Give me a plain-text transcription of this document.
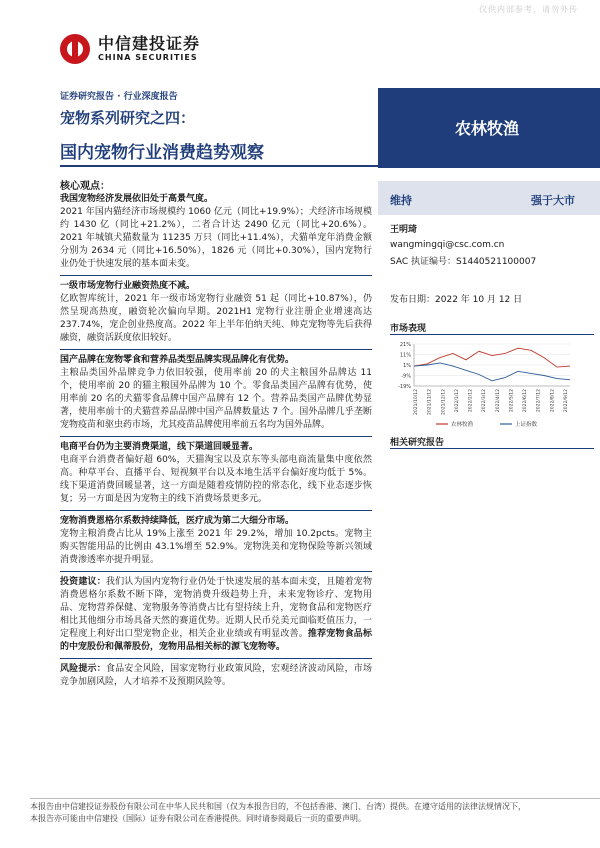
仅供内部参考，请勿外传
中信建投证券
CHINA SECURITIES
证券研究报告 · 行业深度报告
宠物系列研究之四：
国内宠物行业消费趋势观察
农林牧渔
维持	强于大市
王明琦
wangmingqi@csc.com.cn
SAC 执证编号：S1440521100007
发布日期：2022 年 10 月 12 日
市场表现
21%
11%
1%
-9%
-19%
2021/10/12 2021/11/12 2021/12/12 2022/1/12 2022/2/12 2022/3/12 2022/4/12 2022/5/12 2022/6/12 2022/7/12 2022/8/12 2022/9/12
农林牧渔	上证指数
相关研究报告

核心观点：

我国宠物经济发展依旧处于高景气度。

2021 年国内猫经济市场规模约 1060 亿元（同比+19.9%）；犬经济市场规模约 1430 亿（同比+21.2%），二者合计达 2490 亿元（同比+20.6%）。2021 年城镇犬猫数量为 11235 万只（同比+11.4%），犬猫单宠年消费金额分别为 2634 元（同比+16.50%），1826 元（同比+0.30%），国内宠物行业仍处于快速发展的基本面未变。

一级市场宠物行业融资热度不减。

亿欧智库统计，2021 年一级市场宠物行业融资 51 起（同比+10.87%），仍然呈现高热度，融资轮次偏向早期。2021H1 宠物行业注册企业增速高达 237.74%，宠企创业热度高。2022 年上半年伯纳天纯、帅克宠物等先后获得融资，融资活跃度依旧较好。

国产品牌在宠物零食和营养品类型品牌实现品牌化有优势。

主粮品类国外品牌竞争力依旧较强，使用率前 20 的犬主粮国外品牌达 11 个，使用率前 20 的猫主粮国外品牌为 10 个。零食品类国产品牌有优势，使用率前 20 名的犬猫零食品牌中国产品牌有 12 个。营养品类国产品牌优势显著，使用率前十的犬猫营养品品牌中国产品牌数量达 7 个。国外品牌几乎垄断宠物疫苗和驱虫药市场，尤其疫苗品牌使用率前五名均为国外品牌。

电商平台仍为主要消费渠道，线下渠道回暖显著。

电商平台消费者偏好超 60%，天猫淘宝以及京东等头部电商流量集中度依然高。种草平台、直播平台、短视频平台以及本地生活平台偏好度均低于 5%。线下渠道消费回暖显著，这一方面是随着疫情防控的常态化，线下业态逐步恢复；另一方面是因为宠物主的线下消费场景更多元。

宠物消费恩格尔系数持续降低，医疗成为第二大细分市场。

宠物主粮消费占比从 19%上涨至 2021 年 29.2%，增加 10.2pcts。宠物主购买智能用品的比例由 43.1%增至 52.9%。宠物洗美和宠物保险等新兴领域消费渗透率亦提升明显。

投资建议：我们认为国内宠物行业仍处于快速发展的基本面未变，且随着宠物消费恩格尔系数不断下降，宠物消费升级趋势上升，未来宠物诊疗、宠物用品、宠物营养保健、宠物服务等消费占比有望持续上升，宠物食品和宠物医疗相比其他细分市场具备天然的赛道优势。近期人民币兑美元面临贬值压力，一定程度上利好出口型宠物企业，相关企业业绩或有明显改善。推荐宠物食品标的中宠股份和佩蒂股份，宠物用品相关标的源飞宠物等。

风险提示：食品安全风险，国家宠物行业政策风险，宏观经济波动风险，市场竞争加剧风险，人才培养不及预期风险等。

本报告由中信建投证券股份有限公司在中华人民共和国（仅为本报告目的，不包括香港、澳门、台湾）提供。在遵守适用的法律法规情况下，
本报告亦可能由中信建投（国际）证券有限公司在香港提供。同时请参阅最后一页的重要声明。
